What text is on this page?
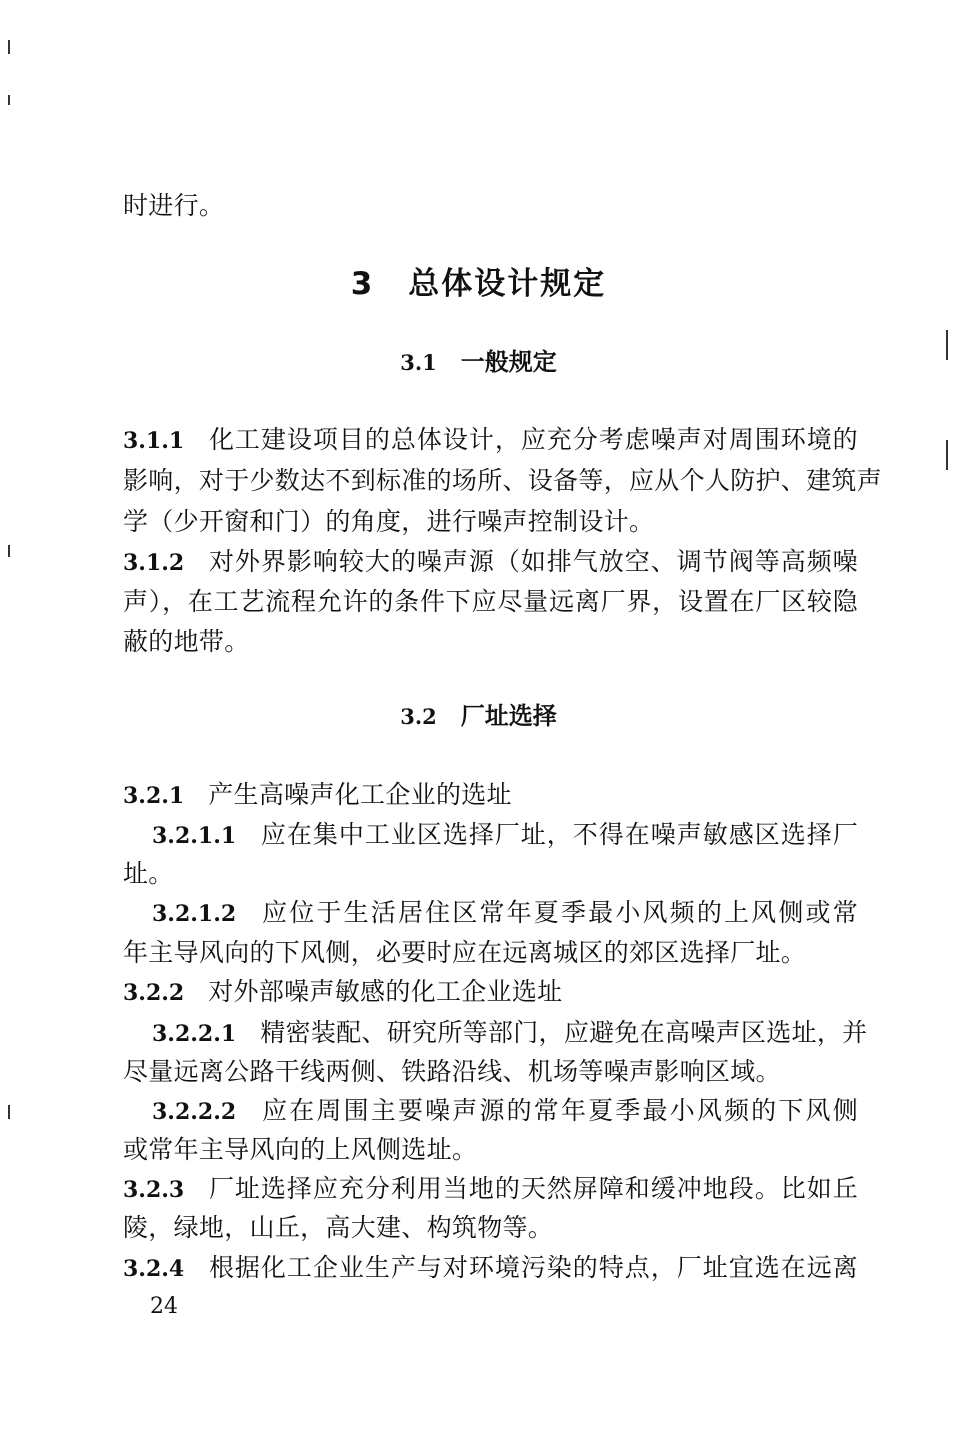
时进行。
3 总体设计规定
3.1 一般规定
3.1.1 化工建设项目的总体设计，应充分考虑噪声对周围环境的
影响，对于少数达不到标准的场所、设备等，应从个人防护、建筑声
学（少开窗和门）的角度，进行噪声控制设计。
3.1.2 对外界影响较大的噪声源（如排气放空、调节阀等高频噪
声），在工艺流程允许的条件下应尽量远离厂界，设置在厂区较隐
蔽的地带。
3.2 厂址选择
3.2.1 产生高噪声化工企业的选址
3.2.1.1 应在集中工业区选择厂址，不得在噪声敏感区选择厂
址。
3.2.1.2 应位于生活居住区常年夏季最小风频的上风侧或常
年主导风向的下风侧，必要时应在远离城区的郊区选择厂址。
3.2.2 对外部噪声敏感的化工企业选址
3.2.2.1 精密装配、研究所等部门，应避免在高噪声区选址，并
尽量远离公路干线两侧、铁路沿线、机场等噪声影响区域。
3.2.2.2 应在周围主要噪声源的常年夏季最小风频的下风侧
或常年主导风向的上风侧选址。
3.2.3 厂址选择应充分利用当地的天然屏障和缓冲地段。比如丘
陵，绿地，山丘，高大建、构筑物等。
3.2.4 根据化工企业生产与对环境污染的特点，厂址宜选在远离
24
